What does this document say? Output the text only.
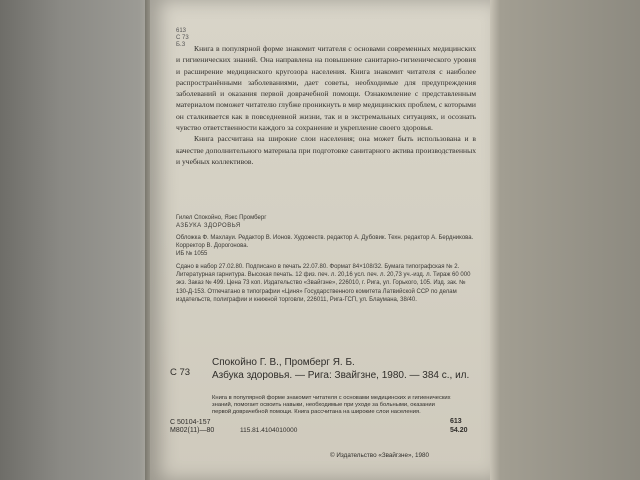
613
С 73
Б.З	Книга в популярной форме знакомит читателя с основами современных медицинских и гигиенических знаний. Она направлена на повышение санитарно-гигиенического уровня и расширение медицинского кругозора населения. Книга знакомит читателя с наиболее распространёнными заболеваниями, дает советы, необходимые для предупреждения заболеваний и оказания первой доврачебной помощи. Ознакомление с представленным материалом поможет читателю глубже проникнуть в мир медицинских проблем, с которыми он сталкивается как в повседневной жизни, так и в экстремальных ситуациях, и осознать чувство ответственности каждого за сохранение и укрепление своего здоровья.

Книга рассчитана на широкие слои населения; она может быть использована и в качестве дополнительного материала при подготовке санитарного актива производственных и учебных коллективов.

Гилел Спокойно, Яэкс Промберг
АЗБУКА ЗДОРОВЬЯ
Обложка Ф. Махлауи. Редактор В. Ионов. Художеств. редактор А. Дубовик. Техн. редактор А. Бердникова. Корректор В. Дорогонова.
ИБ № 1055
Сдано в набор 27.02.80. Подписано в печать 22.07.80. Формат 84×108/32. Бумага типографская № 2. Литературная гарнитура. Высокая печать. 12 физ. печ. л. 20,16 усл. печ. л. 20,73 уч.-изд. л. Тираж 60 000 экз. Заказ № 499. Цена 73 коп. Издательство «Звайгзне», 226010, г. Рига, ул. Горького, 105. Изд. зак. № 130-Д-153. Отпечатано в типографии «Циня» Государственного комитета Латвийской ССР по делам издательств, полиграфии и книжной торговли, 226011, Рига-ГСП, ул. Блаумана, 38/40.
С 73
Спокойно Г. В., Промберг Я. Б.
Азбука здоровья. — Рига: Звайгзне, 1980. — 384 с., ил.
Книга в популярной форме знакомит читателя с основами медицинских и гигиенических знаний, помогает освоить навыки, необходимые при уходе за больными, оказании первой доврачебной помощи. Книга рассчитана на широкие слои населения.
С 50104-157
М802(11)—80	115.81.4104010000
613
54.20
© Издательство «Звайгзне», 1980
